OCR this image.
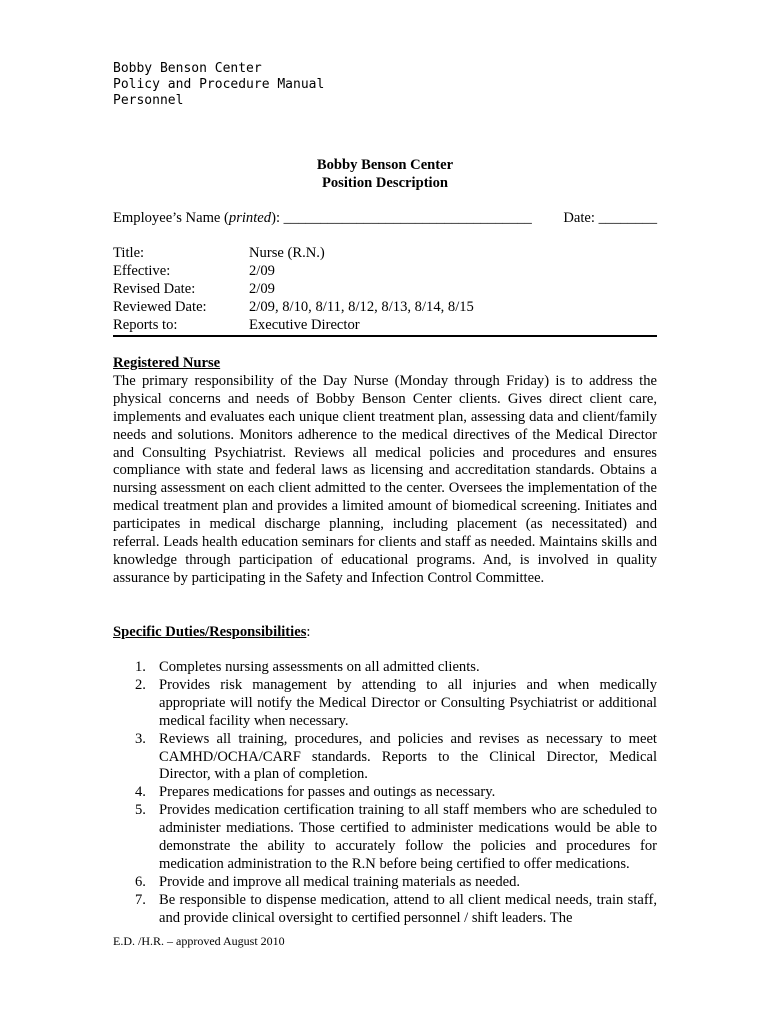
Bobby Benson Center
Policy and Procedure Manual
Personnel
Bobby Benson Center
Position Description
Employee’s Name (printed): __________________________________ Date: ________
Title:	Nurse (R.N.)
Effective:	2/09
Revised Date:	2/09
Reviewed Date:	2/09, 8/10, 8/11, 8/12, 8/13, 8/14, 8/15
Reports to:	Executive Director
Registered Nurse
The primary responsibility of the Day Nurse (Monday through Friday) is to address the physical concerns and needs of Bobby Benson Center clients. Gives direct client care, implements and evaluates each unique client treatment plan, assessing data and client/family needs and solutions. Monitors adherence to the medical directives of the Medical Director and Consulting Psychiatrist. Reviews all medical policies and procedures and ensures compliance with state and federal laws as licensing and accreditation standards. Obtains a nursing assessment on each client admitted to the center. Oversees the implementation of the medical treatment plan and provides a limited amount of biomedical screening. Initiates and participates in medical discharge planning, including placement (as necessitated) and referral. Leads health education seminars for clients and staff as needed. Maintains skills and knowledge through participation of educational programs. And, is involved in quality assurance by participating in the Safety and Infection Control Committee.
Specific Duties/Responsibilities:
1. Completes nursing assessments on all admitted clients.
2. Provides risk management by attending to all injuries and when medically appropriate will notify the Medical Director or Consulting Psychiatrist or additional medical facility when necessary.
3. Reviews all training, procedures, and policies and revises as necessary to meet CAMHD/OCHA/CARF standards. Reports to the Clinical Director, Medical Director, with a plan of completion.
4. Prepares medications for passes and outings as necessary.
5. Provides medication certification training to all staff members who are scheduled to administer mediations. Those certified to administer medications would be able to demonstrate the ability to accurately follow the policies and procedures for medication administration to the R.N before being certified to offer medications.
6. Provide and improve all medical training materials as needed.
7. Be responsible to dispense medication, attend to all client medical needs, train staff, and provide clinical oversight to certified personnel / shift leaders. The
E.D. /H.R. – approved August 2010
